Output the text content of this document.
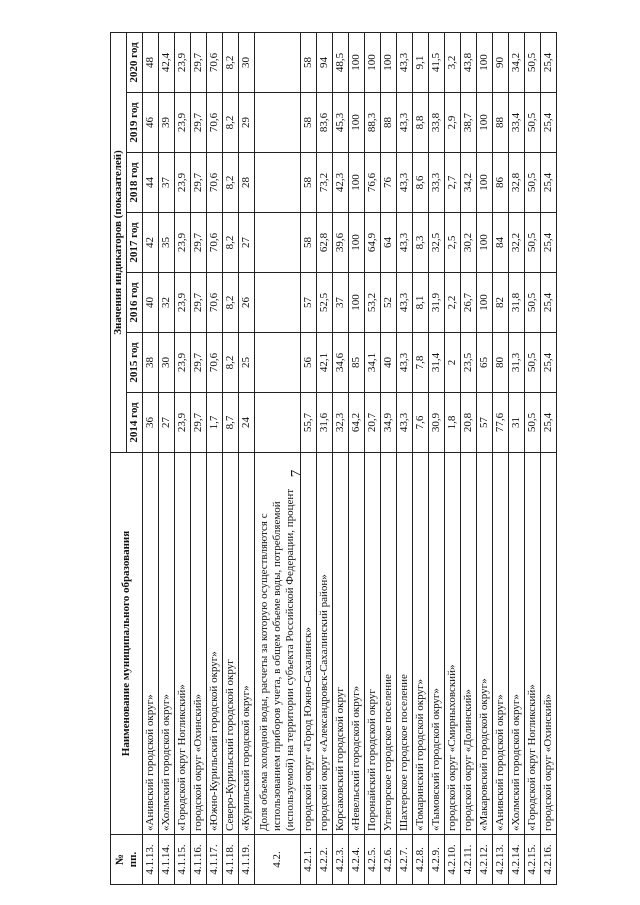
7
№
пп.	Наименование муниципального образования	Значения индикаторов (показателей)						
		2014 год	2015 год	2016 год	2017 год	2018 год	2019 год	2020 год
4.1.13.	«Анивский городской округ»	36	38	40	42	44	46	48
4.1.14.	«Холмский городской округ»	27	30	32	35	37	39	42,4
4.1.15.	«Городской округ Ногликский»	23,9	23,9	23,9	23,9	23,9	23,9	23,9
4.1.16.	городской округ «Охинский»	29,7	29,7	29,7	29,7	29,7	29,7	29,7
4.1.17.	«Южно-Курильский городской округ»	1,7	70,6	70,6	70,6	70,6	70,6	70,6
4.1.18.	Северо-Курильский городской округ	8,7	8,2	8,2	8,2	8,2	8,2	8,2
4.1.19.	«Курильский городской округ»	24	25	26	27	28	29	30
4.2.	Доля объема холодной воды, расчеты за которую осуществляются с использованием приборов учета, в общем объеме воды, потребляемой (используемой) на территории субъекта Российской Федерации, процент							
4.2.1.	городской округ «Город Южно-Сахалинск»	55,7	56	57	58	58	58	58
4.2.2.	городской округ «Александровск-Сахалинский район»	31,6	42,1	52,5	62,8	73,2	83,6	94
4.2.3.	Корсаковский городской округ	32,3	34,6	37	39,6	42,3	45,3	48,5
4.2.4.	«Невельский городской округ»	64,2	85	100	100	100	100	100
4.2.5.	Поронайский городской округ	20,7	34,1	53,2	64,9	76,6	88,3	100
4.2.6.	Углегорское городское поселение	34,9	40	52	64	76	88	100
4.2.7.	Шахтерское городское поселение	43,3	43,3	43,3	43,3	43,3	43,3	43,3
4.2.8.	«Томаринский городской округ»	7,6	7,8	8,1	8,3	8,6	8,8	9,1
4.2.9.	«Тымовский городской округ»	30,9	31,4	31,9	32,5	33,3	33,8	41,5
4.2.10.	городской округ «Смирныховский»	1,8	2	2,2	2,5	2,7	2,9	3,2
4.2.11.	городской округ «Долинский»	20,8	23,5	26,7	30,2	34,2	38,7	43,8
4.2.12.	«Макаровский городской округ»	57	65	100	100	100	100	100
4.2.13.	«Анивский городской округ»	77,6	80	82	84	86	88	90
4.2.14.	«Холмский городской округ»	31	31,3	31,8	32,2	32,8	33,4	34,2
4.2.15.	«Городской округ Ногликский»	50,5	50,5	50,5	50,5	50,5	50,5	50,5
4.2.16.	городской округ «Охинский»	25,4	25,4	25,4	25,4	25,4	25,4	25,4
